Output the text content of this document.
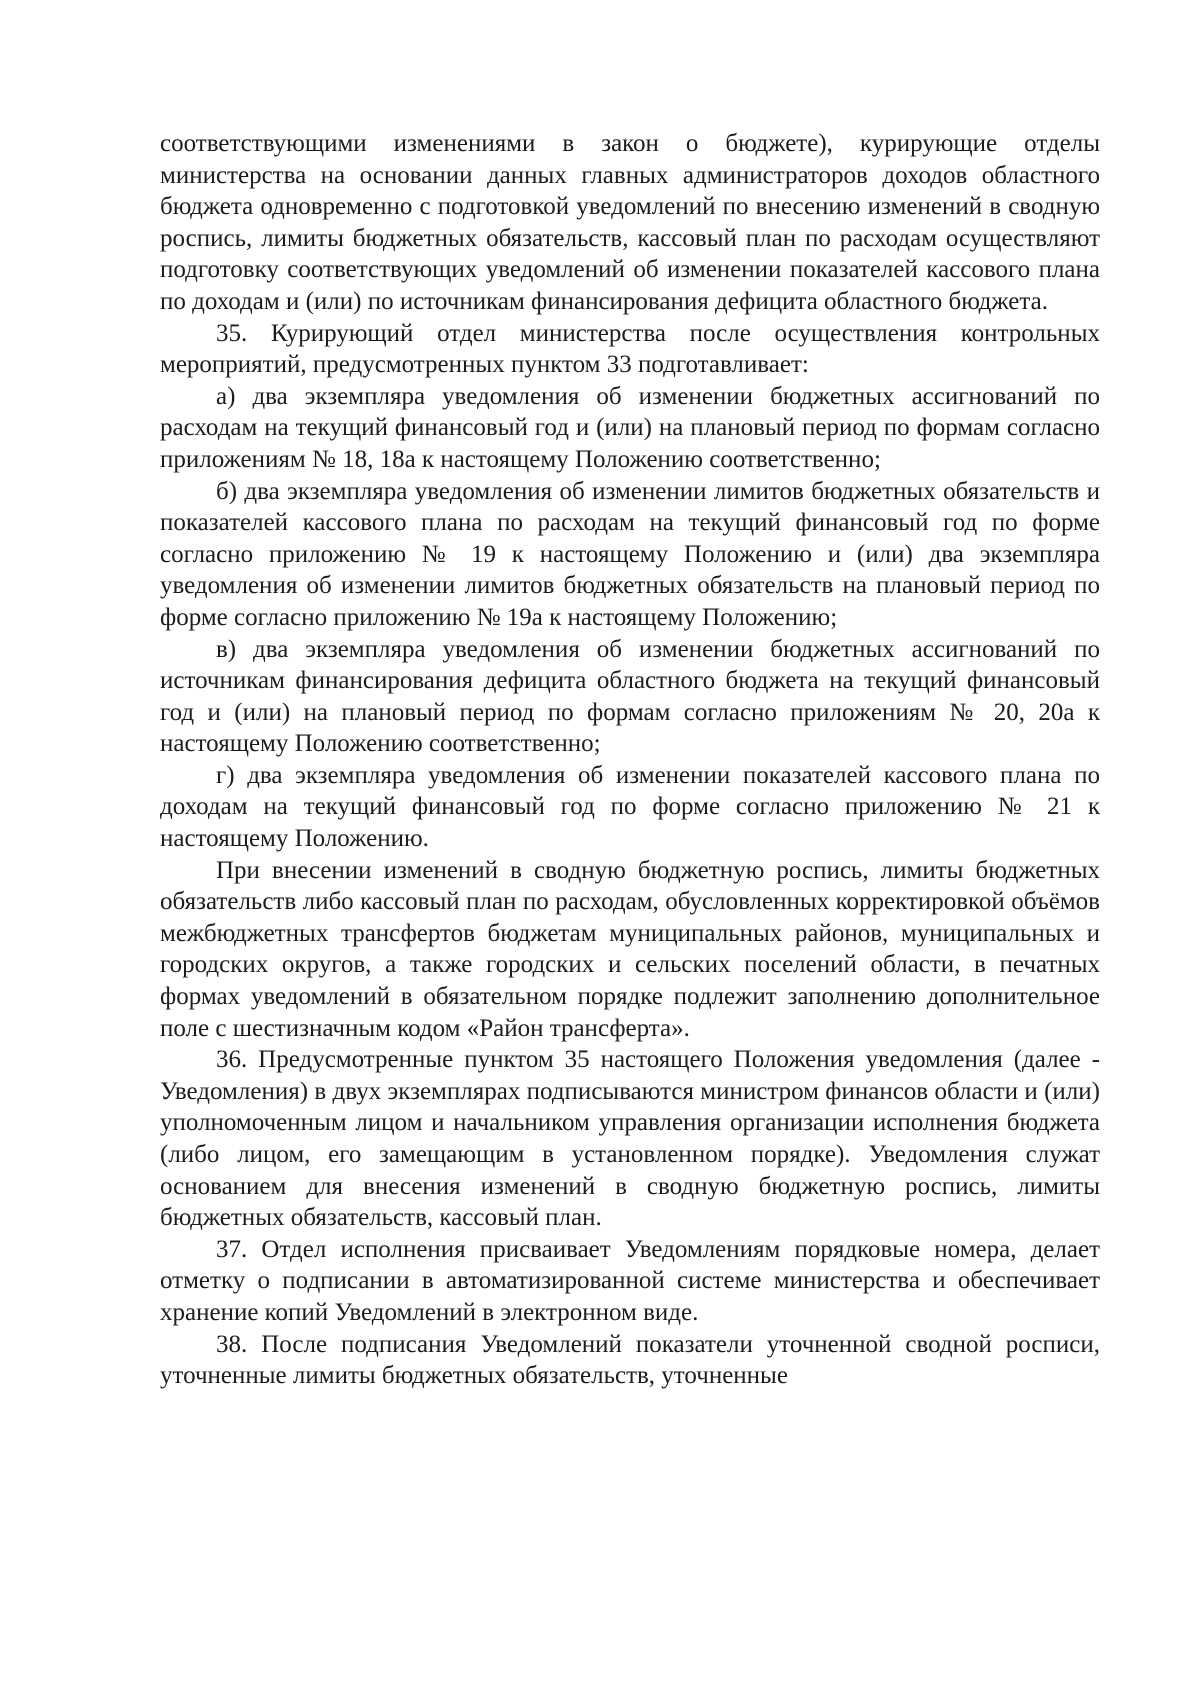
соответствующими изменениями в закон о бюджете), курирующие отделы министерства на основании данных главных администраторов доходов областного бюджета одновременно с подготовкой уведомлений по внесению изменений в сводную роспись, лимиты бюджетных обязательств, кассовый план по расходам осуществляют подготовку соответствующих уведомлений об изменении показателей кассового плана по доходам и (или) по источникам финансирования дефицита областного бюджета.

35. Курирующий отдел министерства после осуществления контрольных мероприятий, предусмотренных пунктом 33 подготавливает:

а) два экземпляра уведомления об изменении бюджетных ассигнований по расходам на текущий финансовый год и (или) на плановый период по формам согласно приложениям № 18, 18а к настоящему Положению соответственно;

б) два экземпляра уведомления об изменении лимитов бюджетных обязательств и показателей кассового плана по расходам на текущий финансовый год по форме согласно приложению № 19 к настоящему Положению и (или) два экземпляра уведомления об изменении лимитов бюджетных обязательств на плановый период по форме согласно приложению № 19а к настоящему Положению;

в) два экземпляра уведомления об изменении бюджетных ассигнований по источникам финансирования дефицита областного бюджета на текущий финансовый год и (или) на плановый период по формам согласно приложениям № 20, 20а к настоящему Положению соответственно;

г) два экземпляра уведомления об изменении показателей кассового плана по доходам на текущий финансовый год по форме согласно приложению № 21 к настоящему Положению.

При внесении изменений в сводную бюджетную роспись, лимиты бюджетных обязательств либо кассовый план по расходам, обусловленных корректировкой объёмов межбюджетных трансфертов бюджетам муниципальных районов, муниципальных и городских округов, а также городских и сельских поселений области, в печатных формах уведомлений в обязательном порядке подлежит заполнению дополнительное поле с шестизначным кодом «Район трансферта».

36. Предусмотренные пунктом 35 настоящего Положения уведомления (далее - Уведомления) в двух экземплярах подписываются министром финансов области и (или) уполномоченным лицом и начальником управления организации исполнения бюджета (либо лицом, его замещающим в установленном порядке). Уведомления служат основанием для внесения изменений в сводную бюджетную роспись, лимиты бюджетных обязательств, кассовый план.

37. Отдел исполнения присваивает Уведомлениям порядковые номера, делает отметку о подписании в автоматизированной системе министерства и обеспечивает хранение копий Уведомлений в электронном виде.

38. После подписания Уведомлений показатели уточненной сводной росписи, уточненные лимиты бюджетных обязательств, уточненные
